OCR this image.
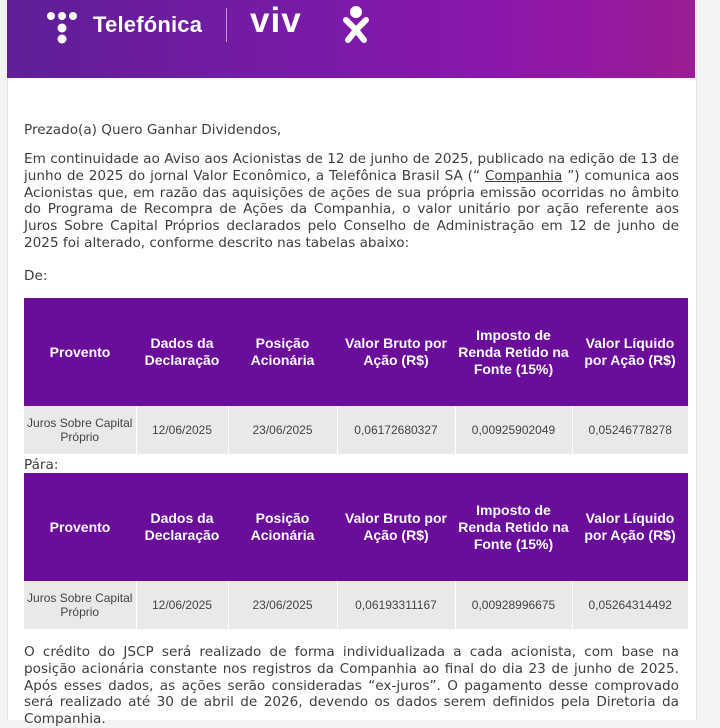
Telefónica viv
Prezado(a) Quero Ganhar Dividendos,
Em continuidade ao Aviso aos Acionistas de 12 de junho de 2025, publicado na edição de 13 de junho de 2025 do jornal Valor Econômico, a Telefônica Brasil SA (“ Companhia ”) comunica aos Acionistas que, em razão das aquisições de ações de sua própria emissão ocorridas no âmbito do Programa de Recompra de Ações da Companhia, o valor unitário por ação referente aos Juros Sobre Capital Próprios declarados pelo Conselho de Administração em 12 de junho de 2025 foi alterado, conforme descrito nas tabelas abaixo:
De:
Provento	Dados da Declaração	Posição Acionária	Valor Bruto por Ação (R$)	Imposto de Renda Retido na Fonte (15%)	Valor Líquido por Ação (R$)
Juros Sobre Capital Próprio	12/06/2025	23/06/2025	0,06172680327	0,00925902049	0,05246778278
Pára:
Provento	Dados da Declaração	Posição Acionária	Valor Bruto por Ação (R$)	Imposto de Renda Retido na Fonte (15%)	Valor Líquido por Ação (R$)
Juros Sobre Capital Próprio	12/06/2025	23/06/2025	0,06193311167	0,00928996675	0,05264314492
O crédito do JSCP será realizado de forma individualizada a cada acionista, com base na posição acionária constante nos registros da Companhia ao final do dia 23 de junho de 2025. Após esses dados, as ações serão consideradas “ex-juros”. O pagamento desse comprovado será realizado até 30 de abril de 2026, devendo os dados serem definidos pela Diretoria da Companhia.
